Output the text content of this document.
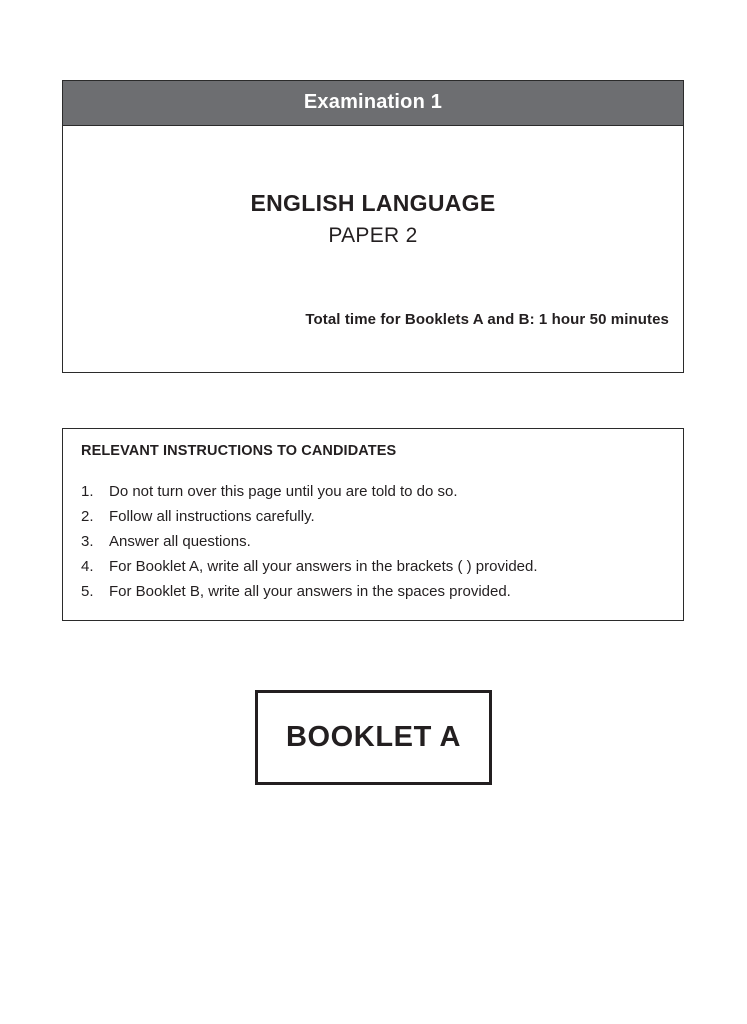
Examination 1
ENGLISH LANGUAGE
PAPER 2
Total time for Booklets A and B: 1 hour 50 minutes
RELEVANT INSTRUCTIONS TO CANDIDATES
1.	Do not turn over this page until you are told to do so.
2.	Follow all instructions carefully.
3.	Answer all questions.
4.	For Booklet A, write all your answers in the brackets ( ) provided.
5.	For Booklet B, write all your answers in the spaces provided.
BOOKLET A
